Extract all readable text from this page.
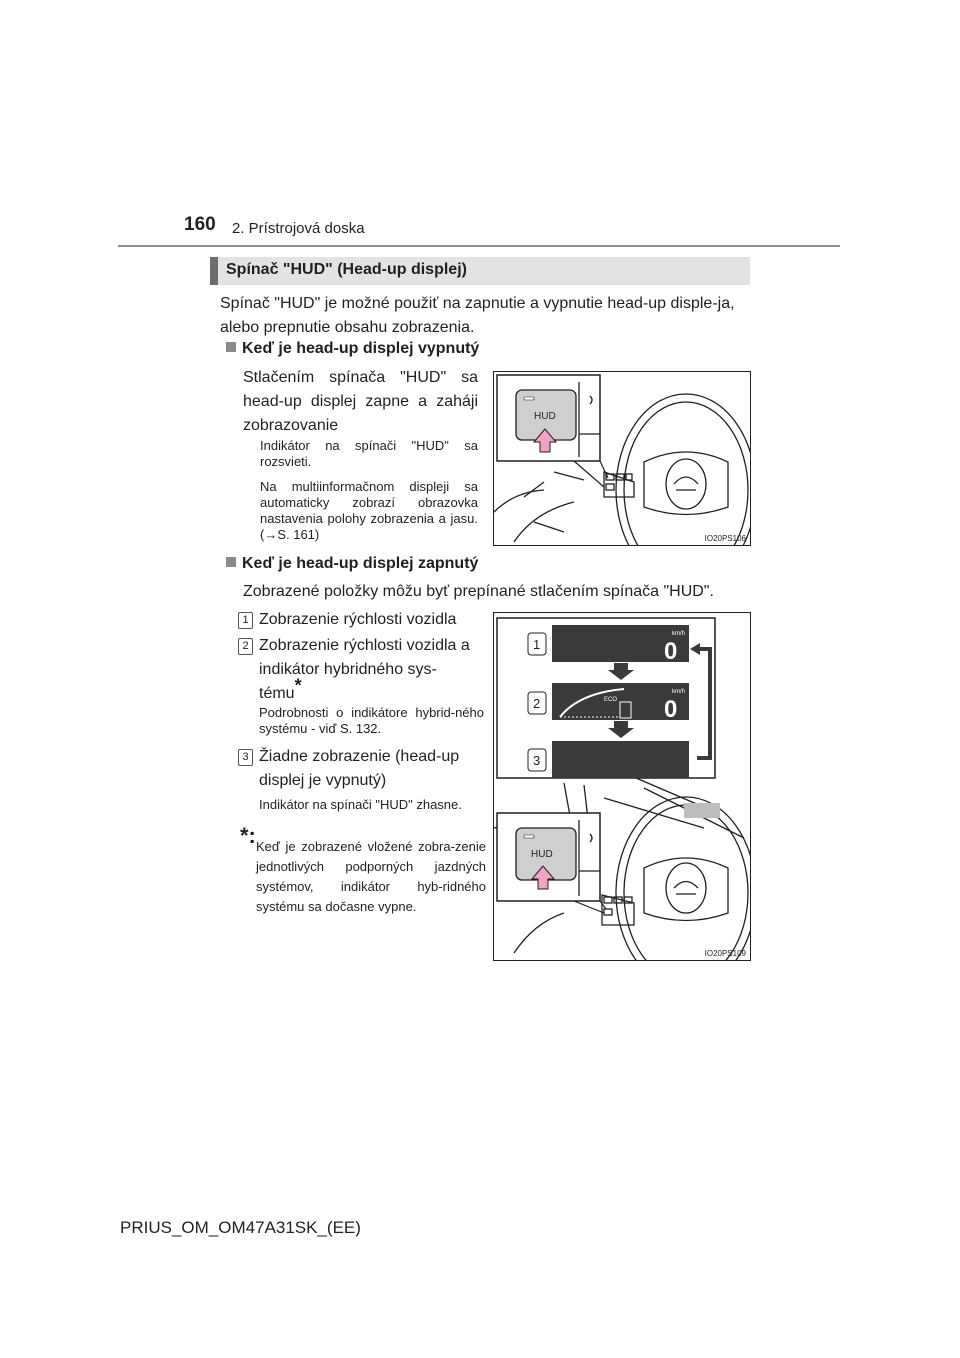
160 2. Prístrojová doska
Spínač "HUD" (Head-up displej)
Spínač "HUD" je možné použiť na zapnutie a vypnutie head-up disple-ja, alebo prepnutie obsahu zobrazenia.
Keď je head-up displej vypnutý
Stlačením spínača "HUD" sa head-up displej zapne a zaháji zobrazovanie
Indikátor na spínači "HUD" sa rozsvieti.
Na multiinformačnom displeji sa automaticky zobrazí obrazovka nastavenia polohy zobrazenia a jasu. (→S. 161)
HUD
IO20PS106
Keď je head-up displej zapnutý
Zobrazené položky môžu byť prepínané stlačením spínača "HUD".
1 Zobrazenie rýchlosti vozidla
2 Zobrazenie rýchlosti vozidla a indikátor hybridného sys-tému*
Podrobnosti o indikátore hybrid-ného systému - viď S. 132.
3 Žiadne zobrazenie (head-up displej je vypnutý)
Indikátor na spínači "HUD" zhasne.
*: Keď je zobrazené vložené zobra-zenie jednotlivých podporných jazdných systémov, indikátor hyb-ridného systému sa dočasne vypne.
km/h
0
ECO
km/h
0
1
2
3
HUD
IO20PS109
PRIUS_OM_OM47A31SK_(EE)
